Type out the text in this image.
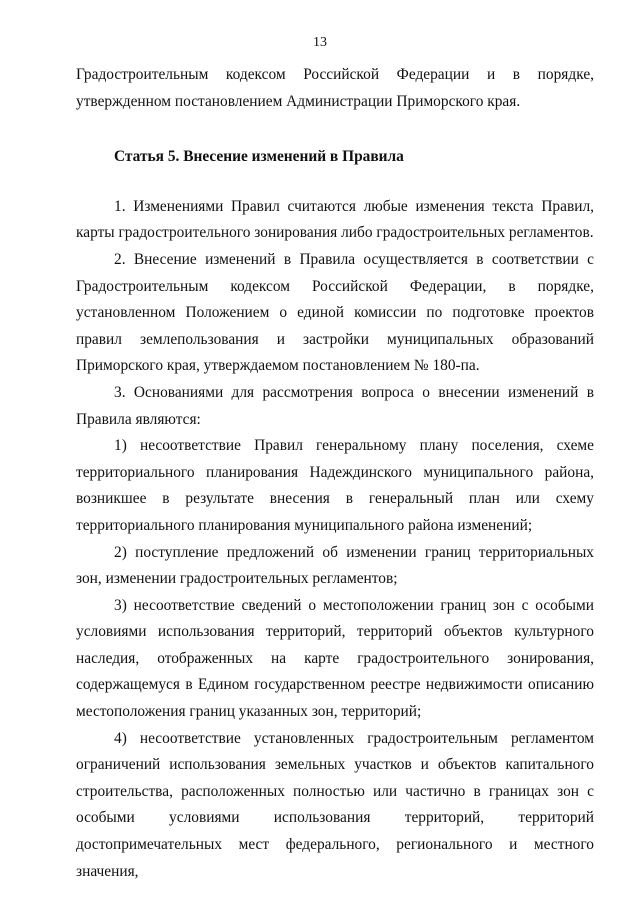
13

Градостроительным кодексом Российской Федерации и в порядке, утвержденном постановлением Администрации Приморского края.

Статья 5. Внесение изменений в Правила

1. Изменениями Правил считаются любые изменения текста Правил, карты градостроительного зонирования либо градостроительных регламентов.

2. Внесение изменений в Правила осуществляется в соответствии с Градостроительным кодексом Российской Федерации, в порядке, установленном Положением о единой комиссии по подготовке проектов правил землепользования и застройки муниципальных образований Приморского края, утверждаемом постановлением № 180-па.

3. Основаниями для рассмотрения вопроса о внесении изменений в Правила являются:

1) несоответствие Правил генеральному плану поселения, схеме территориального планирования Надеждинского муниципального района, возникшее в результате внесения в генеральный план или схему территориального планирования муниципального района изменений;

2) поступление предложений об изменении границ территориальных зон, изменении градостроительных регламентов;

3) несоответствие сведений о местоположении границ зон с особыми условиями использования территорий, территорий объектов культурного наследия, отображенных на карте градостроительного зонирования, содержащемуся в Едином государственном реестре недвижимости описанию местоположения границ указанных зон, территорий;

4) несоответствие установленных градостроительным регламентом ограничений использования земельных участков и объектов капитального строительства, расположенных полностью или частично в границах зон с особыми условиями использования территорий, территорий достопримечательных мест федерального, регионального и местного значения,
